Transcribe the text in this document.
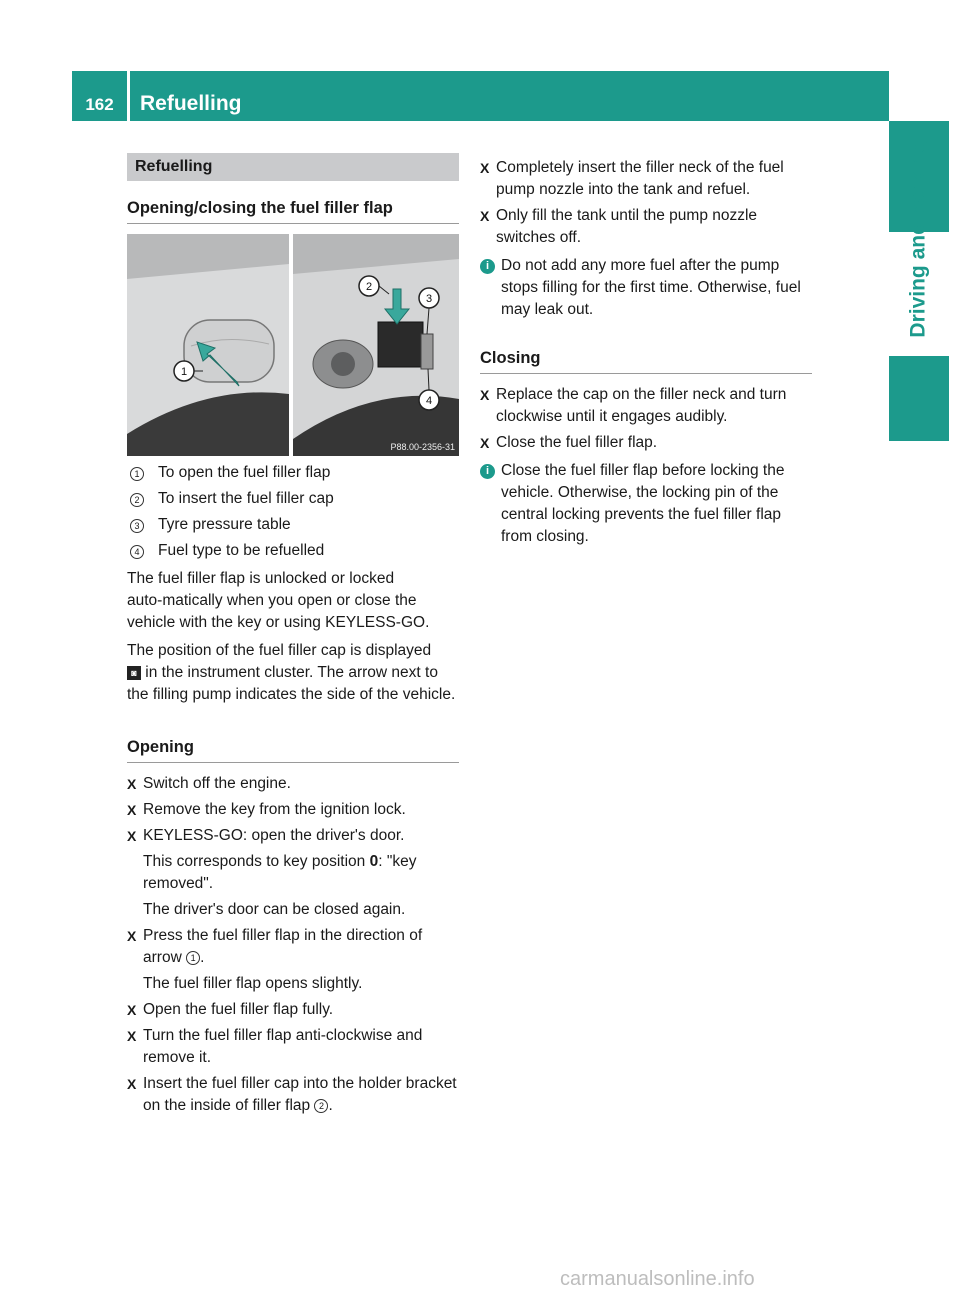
162	Refuelling
Driving and parking
Refuelling
Opening/closing the fuel filler flap
1
2
3
4
P88.00-2356-31
1 To open the fuel filler flap
2 To insert the fuel filler cap
3 Tyre pressure table
4 Fuel type to be refuelled

The fuel filler flap is unlocked or locked auto‑matically when you open or close the vehicle with the key or using KEYLESS-GO.

The position of the fuel filler cap is displayed
◙ in the instrument cluster. The arrow next to the filling pump indicates the side of the vehicle.

Opening
X Switch off the engine.
X Remove the key from the ignition lock.
X KEYLESS-GO: open the driver's door.
This corresponds to key position 0: "key removed".
The driver's door can be closed again.
X Press the fuel filler flap in the direction of arrow 1 .
The fuel filler flap opens slightly.
X Open the fuel filler flap fully.
X Turn the fuel filler flap anti-clockwise and remove it.
X Insert the fuel filler cap into the holder bracket on the inside of filler flap 2 .
X Completely insert the filler neck of the fuel pump nozzle into the tank and refuel.
X Only fill the tank until the pump nozzle switches off.
i Do not add any more fuel after the pump stops filling for the first time. Otherwise, fuel may leak out.
Closing
X Replace the cap on the filler neck and turn clockwise until it engages audibly.
X Close the fuel filler flap.
i Close the fuel filler flap before locking the vehicle. Otherwise, the locking pin of the central locking prevents the fuel filler flap from closing.
carmanualsonline.info
